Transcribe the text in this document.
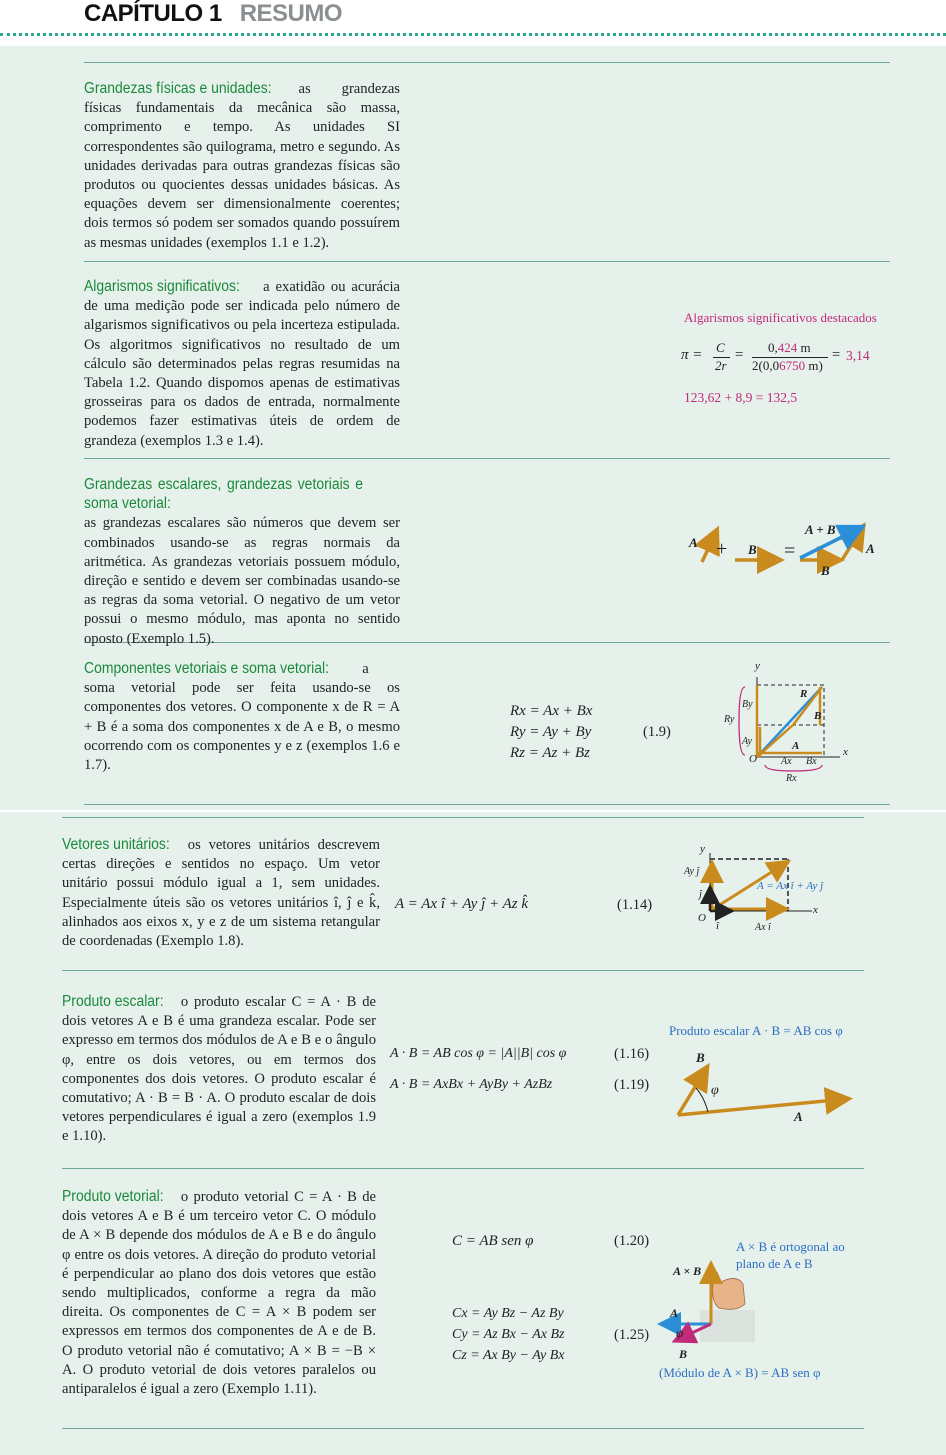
CAPÍTULO 1 RESUMO
Grandezas físicas e unidades: as grandezas físicas fundamentais da mecânica são massa, comprimento e tempo. As unidades SI correspondentes são quilograma, metro e segundo. As unidades derivadas para outras grandezas físicas são produtos ou quocientes dessas unidades básicas. As equações devem ser dimensionalmente coerentes; dois termos só podem ser somados quando possuírem as mesmas unidades (exemplos 1.1 e 1.2).
Algarismos significativos: a exatidão ou acurácia de uma medição pode ser indicada pelo número de algarismos significativos ou pela incerteza estipulada. Os algoritmos significativos no resultado de um cálculo são determinados pelas regras resumidas na Tabela 1.2. Quando dispomos apenas de estimativas grosseiras para os dados de entrada, normalmente podemos fazer estimativas úteis de ordem de grandeza (exemplos 1.3 e 1.4).
Algarismos significativos destacados
π = C
2r
= 0,424 m
2(0,06750 m)
= 3,14
123,62 + 8,9 = 132,5
Grandezas escalares, grandezas vetoriais e soma vetorial:as grandezas escalares são números que devem ser combinados usando-se as regras normais da aritmética. As grandezas vetoriais possuem módulo, direção e sentido e devem ser combinadas usando-se as regras da soma vetorial. O negativo de um vetor possui o mesmo módulo, mas aponta no sentido oposto (Exemplo 1.5).
A + B =
A + B
A
B
Componentes vetoriais e soma vetorial: a soma vetorial pode ser feita usando-se os componentes dos vetores. O componente x de R = A + B é a soma dos componentes x de A e B, o mesmo ocorrendo com os componentes y e z (exemplos 1.6 e 1.7).
Rx = Ax + Bx
Ry = Ay + By
Rz = Az + Bz
(1.9)
y
x
O
R
A
B
By
Ry
Ay
Ax Bx
Rx
Vetores unitários: os vetores unitários descrevem certas direções e sentidos no espaço. Um vetor unitário possui módulo igual a 1, sem unidades. Especialmente úteis são os vetores unitários î, ĵ e k̂, alinhados aos eixos x, y e z de um sistema retangular de coordenadas (Exemplo 1.8).
A = Ax î + Ay ĵ + Az k̂	(1.14)
y
x
O
î
ĵ
Ay ĵ
Ax î
A = Ax î + Ay ĵ
Produto escalar: o produto escalar C = A · B de dois vetores A e B é uma grandeza escalar. Pode ser expresso em termos dos módulos de A e B e o ângulo φ, entre os dois vetores, ou em termos dos componentes dos dois vetores. O produto escalar é comutativo; A · B = B · A. O produto escalar de dois vetores perpendiculares é igual a zero (exemplos 1.9 e 1.10).
A · B = AB cos φ = |A||B| cos φ	(1.16)
A · B = AxBx + AyBy + AzBz	(1.19)
Produto escalar A · B = AB cos φ
B
A
φ
Produto vetorial: o produto vetorial C = A · B de dois vetores A e B é um terceiro vetor C. O módulo de A × B depende dos módulos de A e B e do ângulo φ entre os dois vetores. A direção do produto vetorial é perpendicular ao plano dos dois vetores que estão sendo multiplicados, conforme a regra da mão direita. Os componentes de C = A × B podem ser expressos em termos dos componentes de A e de B. O produto vetorial não é comutativo; A × B = −B × A. O produto vetorial de dois vetores paralelos ou antiparalelos é igual a zero (Exemplo 1.11).
C = AB sen φ	(1.20)
Cx = Ay Bz − Az By
Cy = Az Bx − Ax Bz
Cz = Ax By − Ay Bx
(1.25)
A × B é ortogonal ao
plano de A e B
A × B
A
B
φ
(Módulo de A × B) = AB sen φ
